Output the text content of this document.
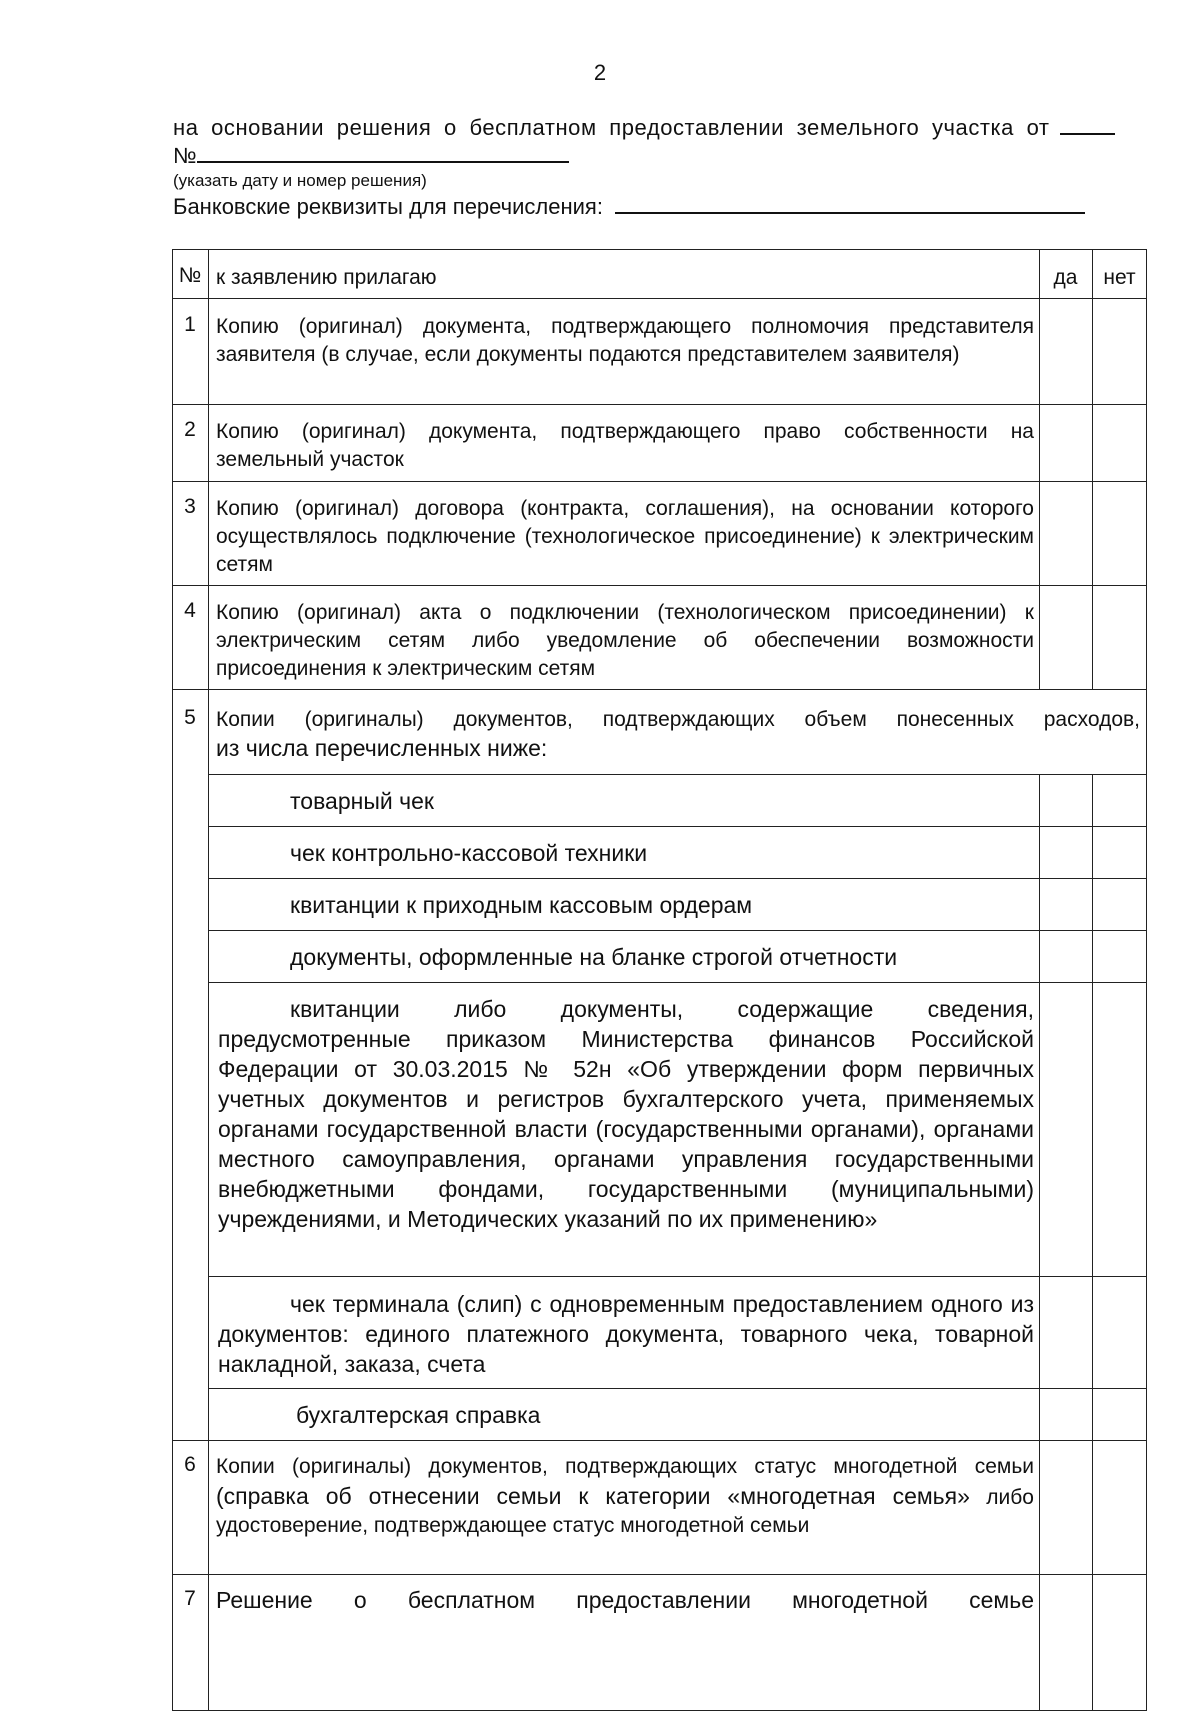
2
на основании решения о бесплатном предоставлении земельного участка от
№
(указать дату и номер решения)
Банковские реквизиты для перечисления:
№ к заявлению прилагаю	да	нет
1 Копию (оригинал) документа, подтверждающего полномочия представителя заявителя (в случае, если документы подаются представителем заявителя)
2 Копию (оригинал) документа, подтверждающего право собственности на земельный участок
3 Копию (оригинал) договора (контракта, соглашения), на основании которого осуществлялось подключение (технологическое присоединение) к электрическим сетям
4 Копию (оригинал) акта о подключении (технологическом присоединении) к электрическим сетям либо уведомление об обеспечении возможности присоединения к электрическим сетям
5 Копии (оригиналы) документов, подтверждающих объем понесенных расходов,
из числа перечисленных ниже:
товарный чек
чек контрольно-кассовой техники
квитанции к приходным кассовым ордерам
документы, оформленные на бланке строгой отчетности
квитанции либо документы, содержащие сведения, предусмотренные приказом Министерства финансов Российской Федерации от 30.03.2015 № 52н «Об утверждении форм первичных учетных документов и регистров бухгалтерского учета, применяемых органами государственной власти (государственными органами), органами местного самоуправления, органами управления государственными внебюджетными фондами, государственными (муниципальными) учреждениями, и Методических указаний по их применению»
чек терминала (слип) с одновременным предоставлением одного из документов: единого платежного документа, товарного чека, товарной накладной, заказа, счета
бухгалтерская справка
6 Копии (оригиналы) документов, подтверждающих статус многодетной семьи (справка об отнесении семьи к категории «многодетная семья» либо удостоверение, подтверждающее статус многодетной семьи
7 Решение о бесплатном предоставлении многодетной семье
